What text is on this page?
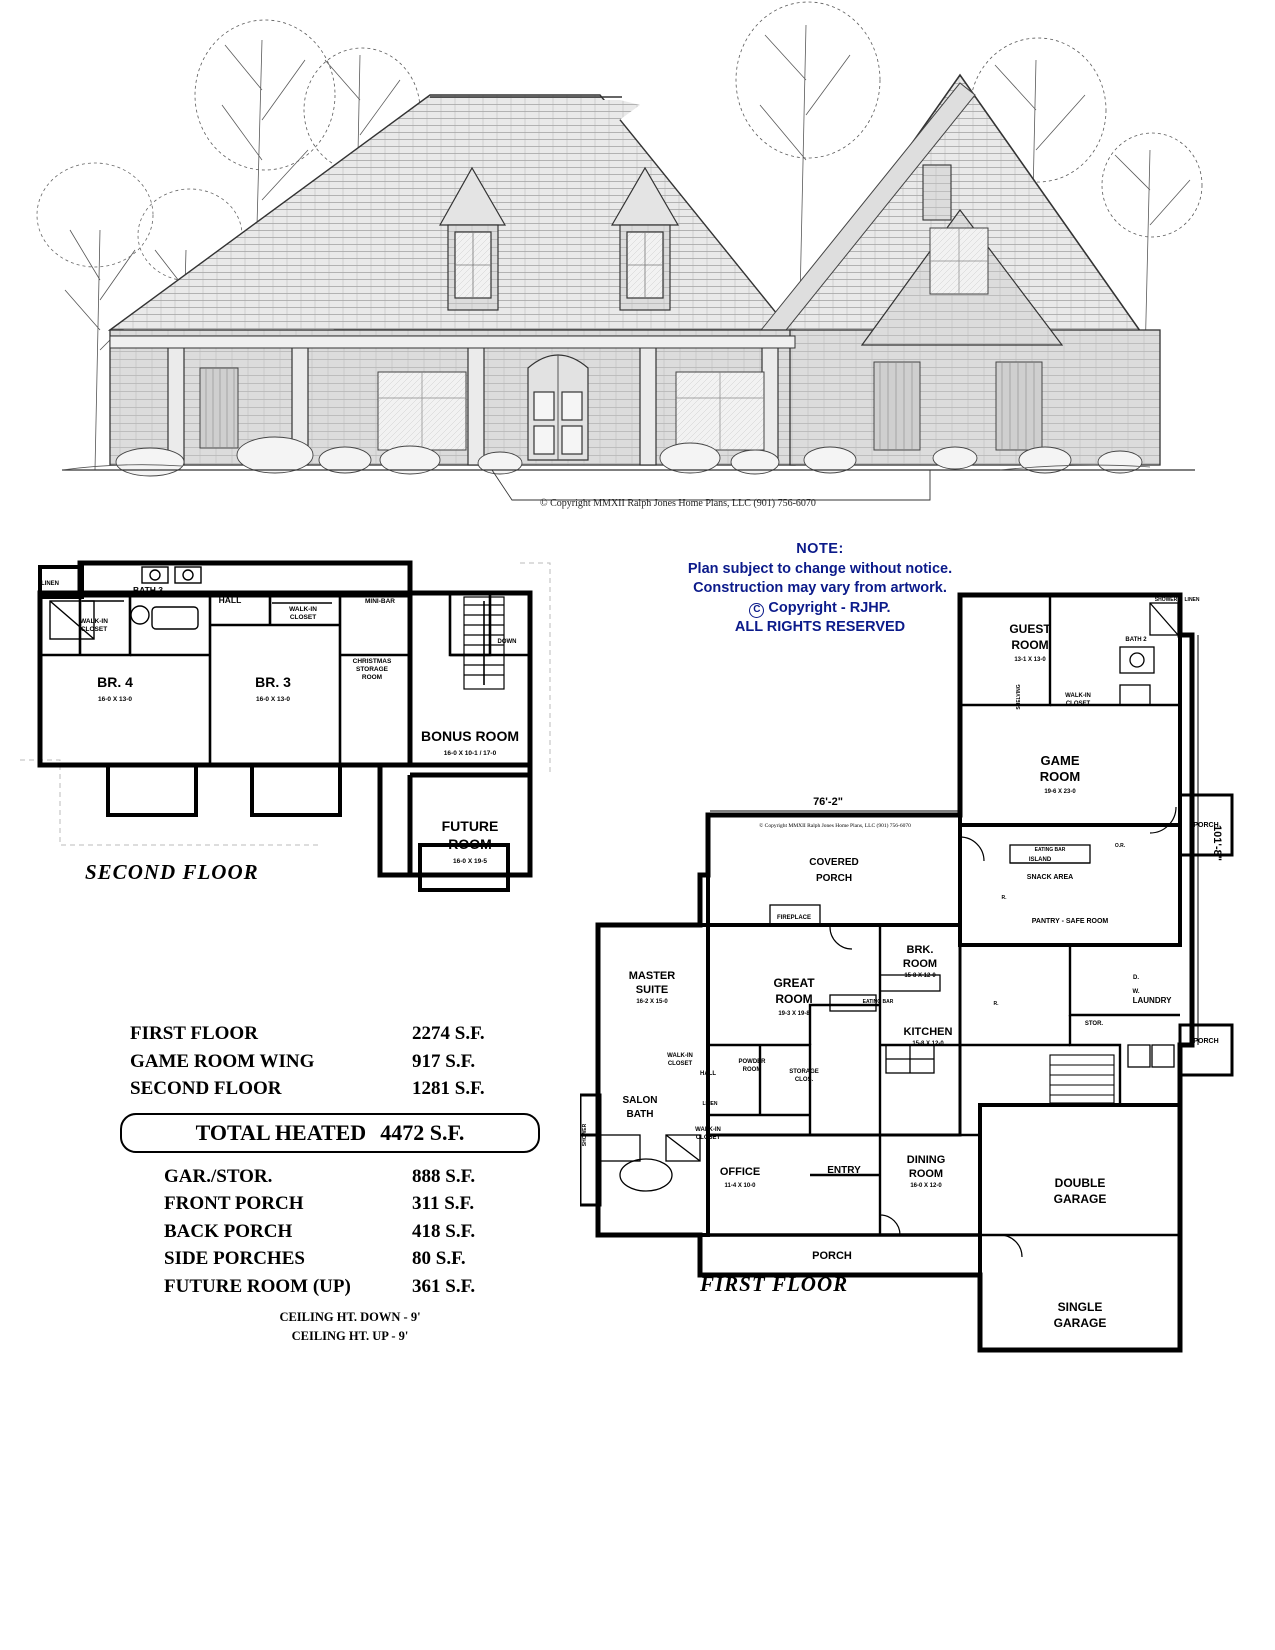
© Copyright MMXII Ralph Jones Home Plans, LLC (901) 756-6070
NOTE:
Plan subject to change without notice.
Construction may vary from artwork.
C Copyright - RJHP.
ALL RIGHTS RESERVED
BATH 3
HALL
LINEN
WALK-IN
CLOSET
WALK-IN
CLOSET
MINI-BAR
DOWN
CHRISTMAS
STORAGE
ROOM
BR. 4
16-0 X 13-0
BR. 3
16-0 X 13-0
BONUS ROOM
16-0 X 10-1 / 17-0
FUTURE
ROOM
16-0 X 19-5
SECOND FLOOR
76'-2"
101'-8"
© Copyright MMXII Ralph Jones Home Plans, LLC (901) 756-6070
GUEST
ROOM
13-1 X 13-0
BATH 2
SHOWER LINEN
WALK-IN
CLOSET
SHELVING
GAME
ROOM
19-6 X 23-0
PORCH
EATING BAR
ISLAND
O.R.
SNACK AREA
R.
PANTRY - SAFE ROOM
LAUNDRY
D.
W.
STOR.
PORCH
DOUBLE
GARAGE
SINGLE
GARAGE
COVERED
PORCH
FIREPLACE
GREAT
ROOM
19-3 X 19-8
BRK.
ROOM
15-8 X 12-0
KITCHEN
15-8 X 12-0
EATING BAR	R.
MASTER
SUITE
16-2 X 15-0
WALK-IN
CLOSET
HALL
LINEN
POWDER
ROOM	STORAGE
CLOS.
SALON
BATH
WALK-IN
CLOSET
SHOWER
OFFICE
11-4 X 10-0
ENTRY
DINING
ROOM
16-0 X 12-0
PORCH
FIRST FLOOR
FIRST FLOOR	2274 S.F.
GAME ROOM WING	917 S.F.
SECOND FLOOR	1281 S.F.
TOTAL HEATED 4472 S.F.
GAR./STOR.	888 S.F.
FRONT PORCH	311 S.F.
BACK PORCH	418 S.F.
SIDE PORCHES	80 S.F.
FUTURE ROOM (UP)	361 S.F.
CEILING HT. DOWN - 9'
CEILING HT. UP - 9'
